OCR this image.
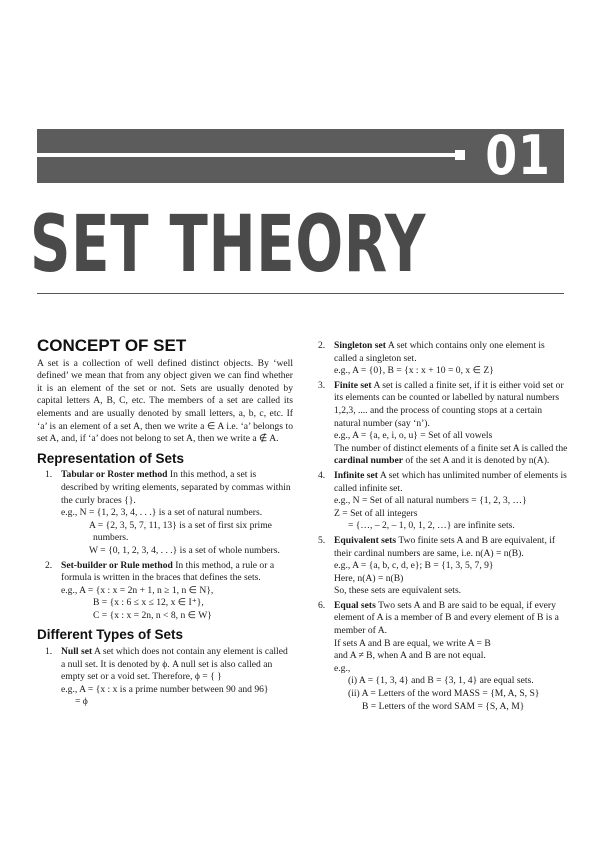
01
SET THEORY
CONCEPT OF SET

A set is a collection of well defined distinct objects. By ‘well defined’ we mean that from any object given we can find whether it is an element of the set or not. Sets are usually denoted by capital letters A, B, C, etc. The members of a set are called its elements and are usually denoted by small letters, a, b, c, etc. If ‘a’ is an element of a set A, then we write a ∈ A i.e. ‘a’ belongs to set A, and, if ‘a’ does not belong to set A, then we write a ∉ A.

Representation of Sets
1. Tabular or Roster method In this method, a set is described by writing elements, separated by commas within the curly braces {}.
e.g., N = {1, 2, 3, 4, . . .} is a set of natural numbers.
A = {2, 3, 5, 7, 11, 13} is a set of first six prime
numbers.
W = {0, 1, 2, 3, 4, . . .} is a set of whole numbers.
2. Set-builder or Rule method In this method, a rule or a formula is written in the braces that defines the sets.
e.g., A = {x : x = 2n + 1, n ≥ 1, n ∈ N},
B = {x : 6 ≤ x ≤ 12, x ∈ I⁺},
C = {x : x = 2n, n < 8, n ∈ W}
Different Types of Sets
1. Null set A set which does not contain any element is called a null set. It is denoted by ϕ. A null set is also called an empty set or a void set. Therefore, ϕ = { }
e.g., A = {x : x is a prime number between 90 and 96}
= ϕ
2. Singleton set A set which contains only one element is called a singleton set.
e.g., A = {0}, B = {x : x + 10 = 0, x ∈ Z}
3. Finite set A set is called a finite set, if it is either void set or its elements can be counted or labelled by natural numbers 1,2,3, .... and the process of counting stops at a certain natural number (say ‘n’).
e.g., A = {a, e, i, o, u} = Set of all vowels

The number of distinct elements of a finite set A is called the cardinal number of the set A and it is denoted by n(A).

4. Infinite set A set which has unlimited number of elements is called infinite set.
e.g., N = Set of all natural numbers = {1, 2, 3, …}
Z = Set of all integers
= {…, – 2, – 1, 0, 1, 2, …} are infinite sets.
5. Equivalent sets Two finite sets A and B are equivalent, if their cardinal numbers are same, i.e. n(A) = n(B).
e.g., A = {a, b, c, d, e}; B = {1, 3, 5, 7, 9}
Here, n(A) = n(B)
So, these sets are equivalent sets.
6. Equal sets Two sets A and B are said to be equal, if every element of A is a member of B and every element of B is a member of A.
If sets A and B are equal, we write A = B
and A ≠ B, when A and B are not equal.
e.g.,
(i) A = {1, 3, 4} and B = {3, 1, 4} are equal sets.
(ii) A = Letters of the word MASS = {M, A, S, S}
B = Letters of the word SAM = {S, A, M}
